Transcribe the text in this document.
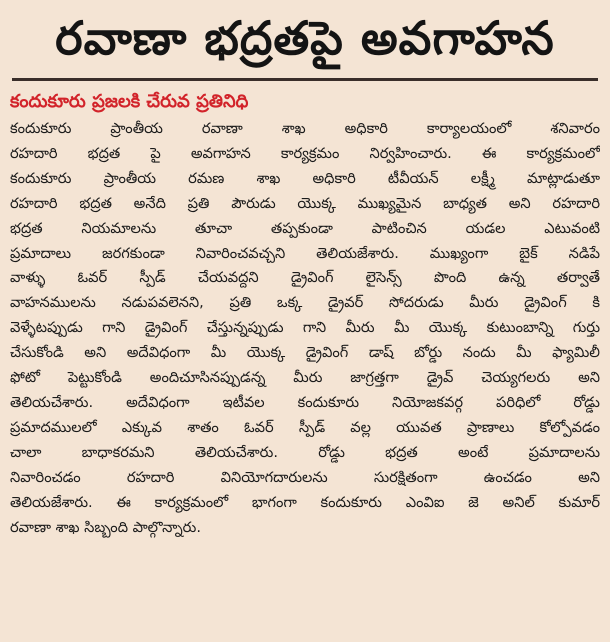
రవాణా భద్రతపై అవగాహన

కందుకూరు ప్రజలకి చేరువ ప్రతినిధి

కందుకూరు ప్రాంతీయ రవాణా శాఖ అధికారి కార్యాలయంలో శనివారం
రహదారి భద్రత పై అవగాహన కార్యక్రమం నిర్వహించారు. ఈ కార్యక్రమంలో
కందుకూరు ప్రాంతీయ రమణ శాఖ అధికారి టీవీయన్ లక్ష్మీ మాట్లాడుతూ
రహదారి భద్రత అనేది ప్రతి పౌరుడు యొక్క ముఖ్యమైన బాధ్యత అని రహదారి
భద్రత నియమాలను తూచా తప్పకుండా పాటించిన యడల ఎటువంటి
ప్రమాదాలు జరగకుండా నివారించవచ్చని తెలియజేశారు. ముఖ్యంగా బైక్ నడిపే
వాళ్ళు ఓవర్ స్పీడ్ చేయవద్దని డ్రైవింగ్ లైసెన్స్ పొంది ఉన్న తర్వాతే
వాహనములను నడుపవలెనని, ప్రతి ఒక్క డ్రైవర్ సోదరుడు మీరు డ్రైవింగ్ కి
వెళ్ళేటప్పుడు గాని డ్రైవింగ్ చేస్తున్నప్పుడు గాని మీరు మీ యొక్క కుటుంబాన్ని గుర్తు
చేసుకోండి అని అదేవిధంగా మీ యొక్క డ్రైవింగ్ డాష్ బోర్డు నందు మీ ఫ్యామిలీ
ఫోటో పెట్టుకోండి అందిచూసినప్పుడన్న మీరు జాగ్రత్తగా డ్రైవ్ చెయ్యగలరు అని
తెలియచేశారు. అదేవిధంగా ఇటీవల కందుకూరు నియోజకవర్గ పరిధిలో రోడ్డు
ప్రమాదములలో ఎక్కువ శాతం ఓవర్ స్పీడ్ వల్ల యువత ప్రాణాలు కోల్పోవడం
చాలా బాధాకరమని తెలియచేశారు. రోడ్డు భద్రత అంటే ప్రమాదాలను
నివారించడం రహదారి వినియోగదారులను సురక్షితంగా ఉంచడం అని
తెలియజేశారు. ఈ కార్యక్రమంలో భాగంగా కందుకూరు ఎంవిఐ జె అనిల్ కుమార్
రవాణా శాఖ సిబ్బంది పాల్గొన్నారు.
